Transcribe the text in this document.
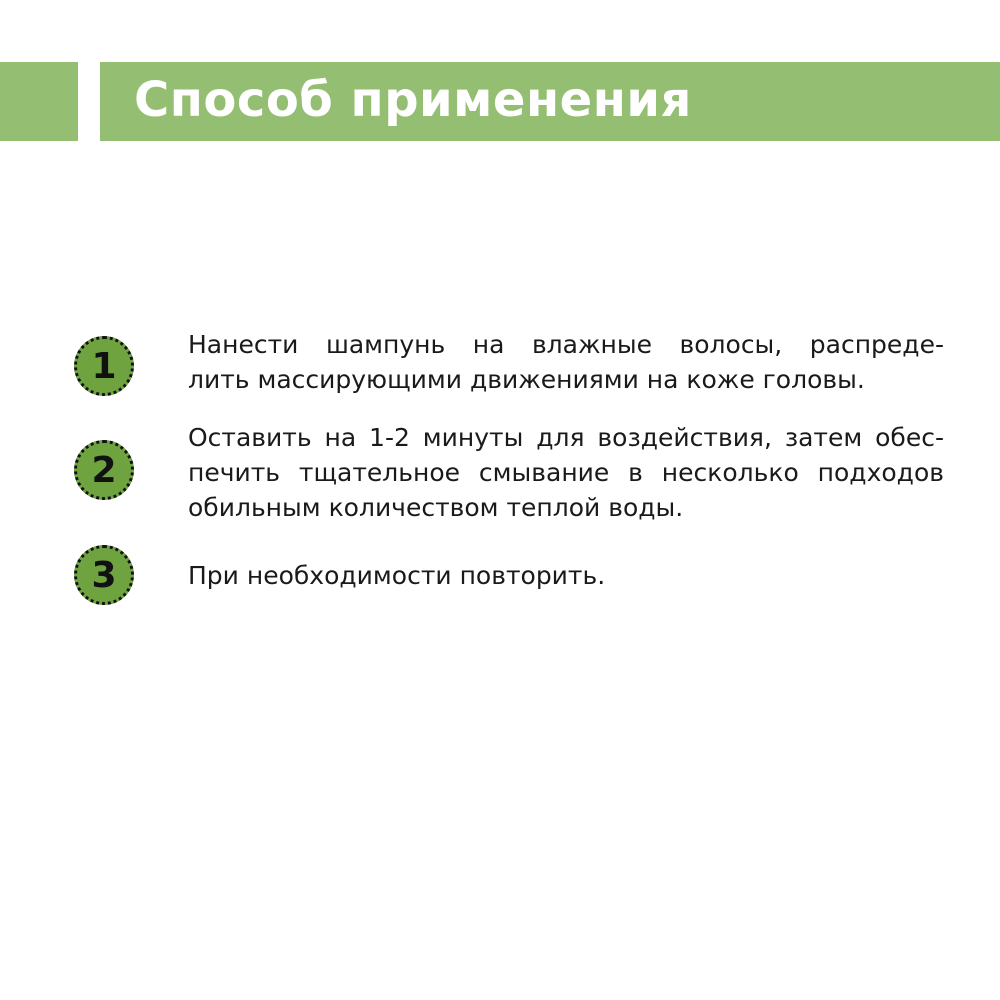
Способ применения
1
Нанести шампунь на влажные волосы, распреде-
лить массирующими движениями на коже головы.
2
Оставить на 1-2 минуты для воздействия, затем обес-
печить тщательное смывание в несколько подходов
обильным количеством теплой воды.
3	При необходимости повторить.
